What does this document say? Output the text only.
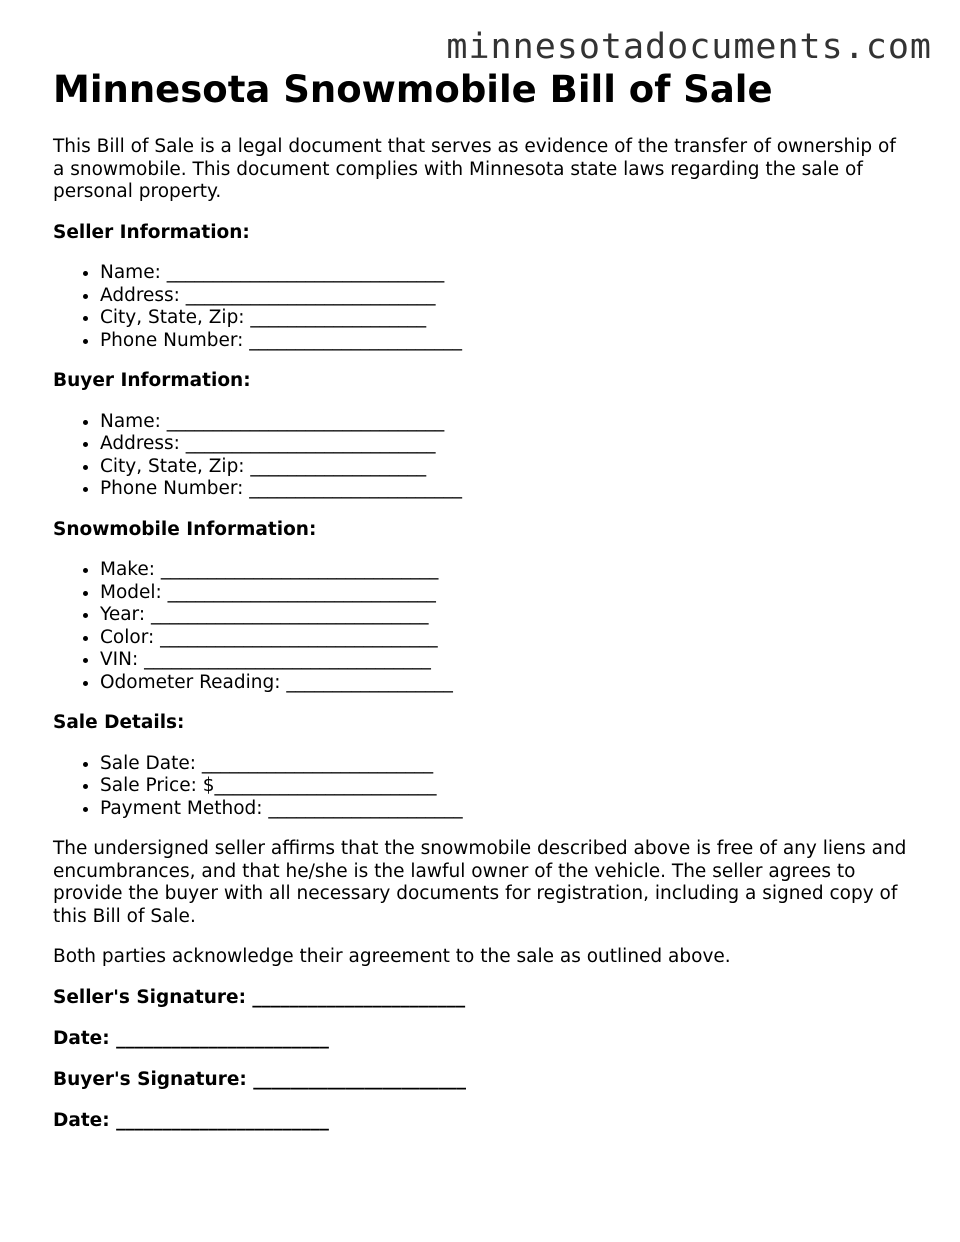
minnesotadocuments.com
Minnesota Snowmobile Bill of Sale

This Bill of Sale is a legal document that serves as evidence of the transfer of ownership of a snowmobile. This document complies with Minnesota state laws regarding the sale of personal property.

Seller Information:
• Name: ______________________________
• Address: ___________________________
• City, State, Zip: ___________________
• Phone Number: _______________________
Buyer Information:
• Name: ______________________________
• Address: ___________________________
• City, State, Zip: ___________________
• Phone Number: _______________________
Snowmobile Information:
• Make: ______________________________
• Model: _____________________________
• Year: ______________________________
• Color: ______________________________
• VIN: _______________________________
• Odometer Reading: __________________
Sale Details:
• Sale Date: _________________________
• Sale Price: $________________________
• Payment Method: _____________________

The undersigned seller affirms that the snowmobile described above is free of any liens and encumbrances, and that he/she is the lawful owner of the vehicle. The seller agrees to provide the buyer with all necessary documents for registration, including a signed copy of this Bill of Sale.

Both parties acknowledge their agreement to the sale as outlined above.

Seller's Signature: _______________________
Date: _______________________
Buyer's Signature: _______________________
Date: _______________________
